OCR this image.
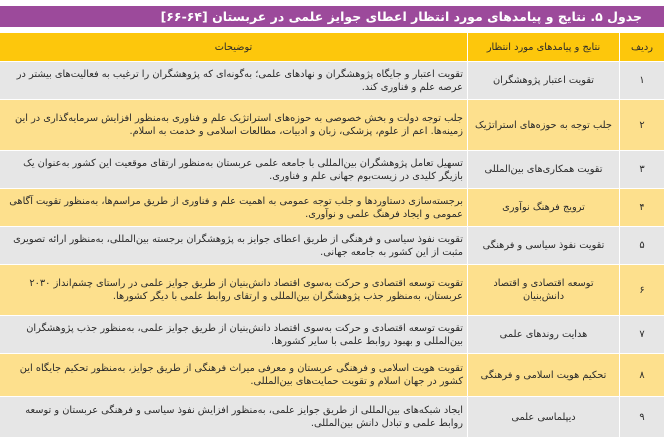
جدول ۵. نتایج و پیامدهای مورد انتظار اعطای جوایز علمی در عربستان [۶۴-۶۶]
ردیف	نتایج و پیامدهای مورد انتظار	توضیحات
۱	تقویت اعتبار پژوهشگران	تقویت اعتبار و جایگاه پژوهشگران و نهادهای علمی؛ به‌گونه‌ای که پژوهشگران را ترغیب به فعالیت‌های بیشتر در عرصه علم و فناوری کند.
۲	جلب توجه به حوزه‌های استراتژیک	جلب توجه دولت و بخش خصوصی به حوزه‌های استراتژیک علم و فناوری به‌منظور افزایش سرمایه‌گذاری در این زمینه‌ها. اعم از علوم، پزشکی، زبان و ادبیات، مطالعات اسلامی و خدمت به اسلام.
۳	تقویت همکاری‌های بین‌المللی	تسهیل تعامل پژوهشگران بین‌المللی با جامعه علمی عربستان به‌منظور ارتقای موقعیت این کشور به‌عنوان یک بازیگر کلیدی در زیست‌بوم جهانی علم و فناوری.
۴	ترویج فرهنگ نوآوری	برجسته‌سازی دستاوردها و جلب توجه عمومی به اهمیت علم و فناوری از طریق مراسم‌ها، به‌منظور تقویت آگاهی عمومی و ایجاد فرهنگ علمی و نوآوری.
۵	تقویت نفوذ سیاسی و فرهنگی	تقویت نفوذ سیاسی و فرهنگی از طریق اعطای جوایز به پژوهشگران برجسته بین‌المللی، به‌منظور ارائه تصویری مثبت از این کشور به جامعه جهانی.
۶	توسعه اقتصادی و اقتصاد دانش‌بنیان	تقویت توسعه اقتصادی و حرکت به‌سوی اقتصاد دانش‌بنیان از طریق جوایز علمی در راستای چشم‌انداز ۲۰۳۰ عربستان، به‌منظور جذب پژوهشگران بین‌المللی و ارتقای روابط علمی با دیگر کشورها.
۷	هدایت روندهای علمی	تقویت توسعه اقتصادی و حرکت به‌سوی اقتصاد دانش‌بنیان از طریق جوایز علمی، به‌منظور جذب پژوهشگران بین‌المللی و بهبود روابط علمی با سایر کشورها.
۸	تحکیم هویت اسلامی و فرهنگی	تقویت هویت اسلامی و فرهنگی عربستان و معرفی میراث فرهنگی از طریق جوایز، به‌منظور تحکیم جایگاه این کشور در جهان اسلام و تقویت حمایت‌های بین‌المللی.
۹	دیپلماسی علمی	ایجاد شبکه‌های بین‌المللی از طریق جوایز علمی، به‌منظور افزایش نفوذ سیاسی و فرهنگی عربستان و توسعه روابط علمی و تبادل دانش بین‌المللی.
